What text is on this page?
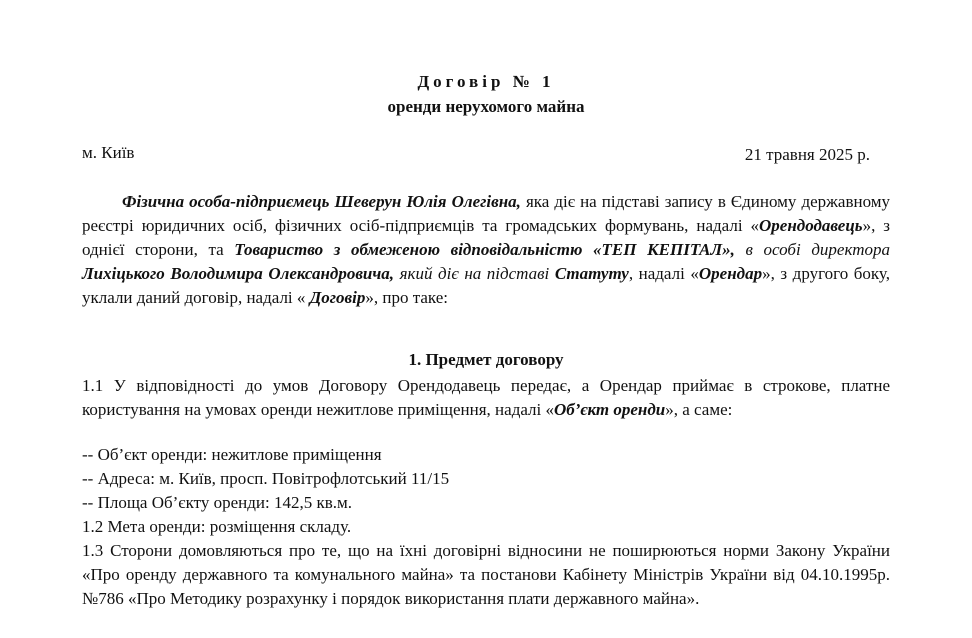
Договір № 1
оренди нерухомого майна
м. Київ	21 травня 2025 р.

Фізична особа-підприємець Шеверун Юлія Олегівна, яка діє на підставі запису в Єдиному державному реєстрі юридичних осіб, фізичних осіб-підприємців та громадських формувань, надалі «Орендодавець», з однієї сторони, та Товариство з обмеженою відповідальністю «ТЕП КЕПІТАЛ», в особі директора Лихіцького Володимира Олександровича, який діє на підставі Статуту, надалі «Орендар», з другого боку, уклали даний договір, надалі « Договір», про таке:

1. Предмет договору

1.1 У відповідності до умов Договору Орендодавець передає, а Орендар приймає в строкове, платне користування на умовах оренди нежитлове приміщення, надалі «Об’єкт оренди», а саме:

-- Об’єкт оренди: нежитлове приміщення

-- Адреса: м. Київ, просп. Повітрофлотський 11/15

-- Площа Об’єкту оренди: 142,5 кв.м.

1.2 Мета оренди: розміщення складу.

1.3 Сторони домовляються про те, що на їхні договірні відносини не поширюються норми Закону України «Про оренду державного та комунального майна» та постанови Кабінету Міністрів України від 04.10.1995р. №786 «Про Методику розрахунку і порядок використання плати державного майна».
